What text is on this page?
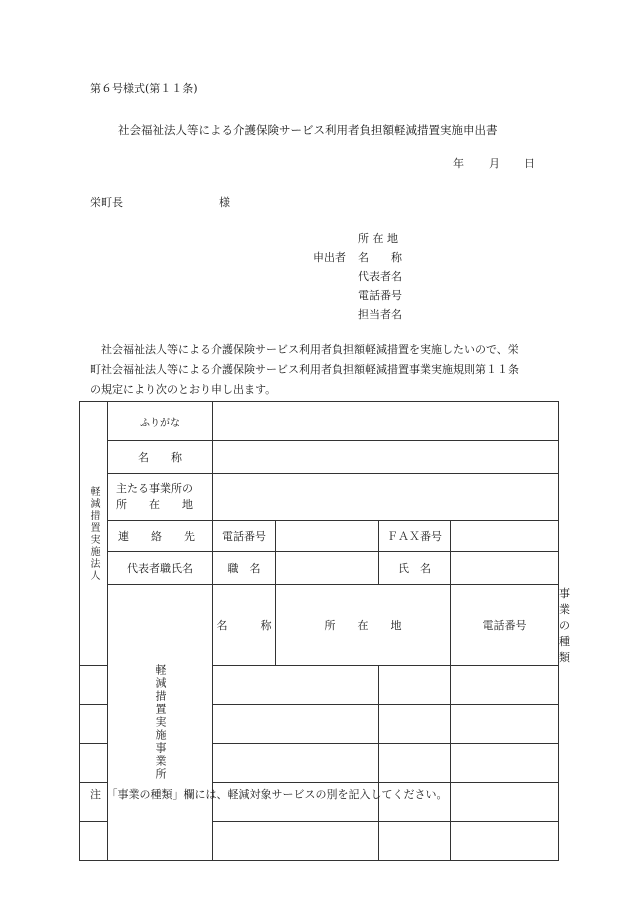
第６号様式(第１１条)
社会福祉法人等による介護保険サービス利用者負担額軽減措置実施申出書
年 月 日
栄町長	様
申出者
所 在 地
名　　称
代表者名
電話番号
担当者名
　社会福祉法人等による介護保険サービス利用者負担額軽減措置を実施したいので、栄
町社会福祉法人等による介護保険サービス利用者負担額軽減措置事業実施規則第１１条
の規定により次のとおり申し出ます。
軽減措置実施法人	ふりがな					
	名　　称					

	主たる事業所の
所　　在　　地					

	連　　絡　　先	電話番号		ＦＡＸ番号		
	代表者職氏名	職　名		氏　名		

	軽減措置実施事業所	名　　　称	所　　在　　地		電話番号	事業の種類

注　「事業の種類」欄には、軽減対象サービスの別を記入してください。
